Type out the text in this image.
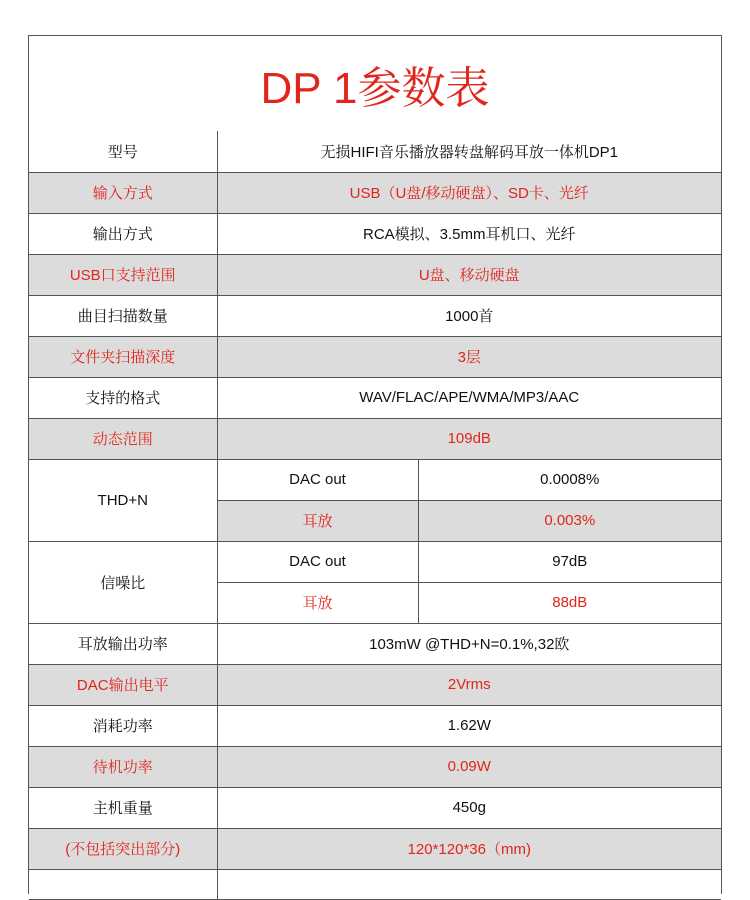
DP 1参数表
型号	无损HIFI音乐播放器转盘解码耳放一体机DP1	
输入方式	USB（U盘/移动硬盘）、SD卡、光纤	
输出方式	RCA模拟、3.5mm耳机口、光纤	
USB口支持范围	U盘、移动硬盘	
曲目扫描数量	1000首	
文件夹扫描深度	3层	
支持的格式	WAV/FLAC/APE/WMA/MP3/AAC	
动态范围	109dB	
THD+N	DAC out	0.0008%
	耳放	0.003%
信噪比	DAC out	97dB
	耳放	88dB
耳放输出功率	103mW @THD+N=0.1%,32欧	
DAC输出电平	2Vrms	
消耗功率	1.62W	
待机功率	0.09W	
主机重量	450g	
(不包括突出部分)	120*120*36（mm)	
